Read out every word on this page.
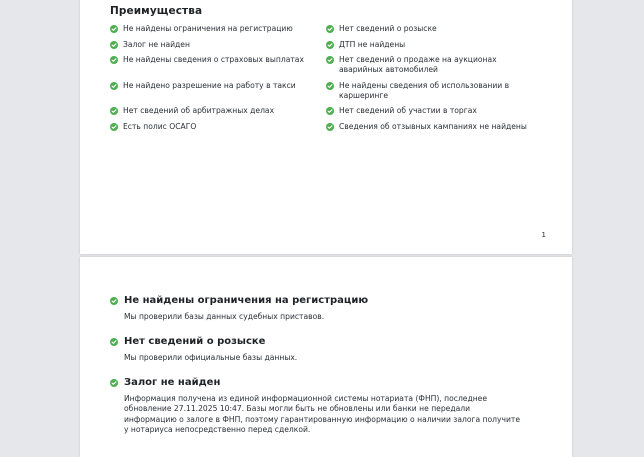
Преимущества
Не найдены ограничения на регистрацию
Залог не найден
Не найдены сведения о страховых выплатах
Не найдено разрешение на работу в такси
Нет сведений об арбитражных делах
Есть полис ОСАГО
Нет сведений о розыске
ДТП не найдены
Нет сведений о продаже на аукционах аварийных автомобилей
Не найдены сведения об использовании в каршеринге
Нет сведений об участии в торгах
Сведения об отзывных кампаниях не найдены
1
Не найдены ограничения на регистрацию
Мы проверили базы данных судебных приставов.
Нет сведений о розыске
Мы проверили официальные базы данных.
Залог не найден
Информация получена из единой информационной системы нотариата (ФНП), последнее обновление 27.11.2025 10:47. Базы могли быть не обновлены или банки не передали информацию о залоге в ФНП, поэтому гарантированную информацию о наличии залога получите у нотариуса непосредственно перед сделкой.
